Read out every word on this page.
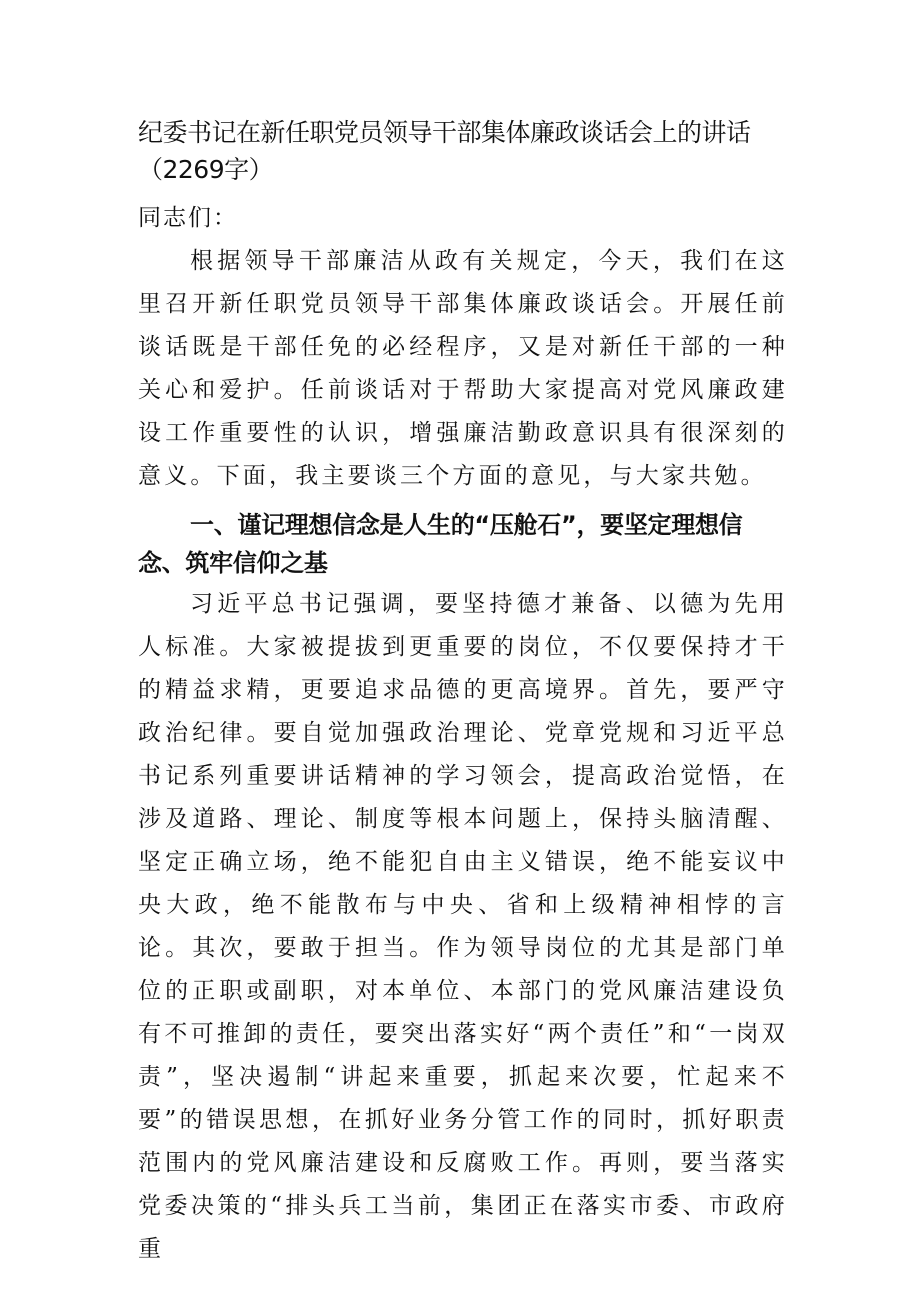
纪委书记在新任职党员领导干部集体廉政谈话会上的讲话（2269字）

同志们：

根据领导干部廉洁从政有关规定，今天，我们在这里召开新任职党员领导干部集体廉政谈话会。开展任前谈话既是干部任免的必经程序，又是对新任干部的一种关心和爱护。任前谈话对于帮助大家提高对党风廉政建设工作重要性的认识，增强廉洁勤政意识具有很深刻的意义。下面，我主要谈三个方面的意见，与大家共勉。

一、谨记理想信念是人生的“压舱石”，要坚定理想信念、筑牢信仰之基

习近平总书记强调，要坚持德才兼备、以德为先用人标准。大家被提拔到更重要的岗位，不仅要保持才干的精益求精，更要追求品德的更高境界。首先，要严守政治纪律。要自觉加强政治理论、党章党规和习近平总书记系列重要讲话精神的学习领会，提高政治觉悟，在涉及道路、理论、制度等根本问题上，保持头脑清醒、坚定正确立场，绝不能犯自由主义错误，绝不能妄议中央大政，绝不能散布与中央、省和上级精神相悖的言论。其次，要敢于担当。作为领导岗位的尤其是部门单位的正职或副职，对本单位、本部门的党风廉洁建设负有不可推卸的责任，要突出落实好“两个责任”和“一岗双责”，坚决遏制“讲起来重要，抓起来次要，忙起来不要”的错误思想，在抓好业务分管工作的同时，抓好职责范围内的党风廉洁建设和反腐败工作。再则，要当落实党委决策的“排头兵工当前，集团正在落实市委、市政府重
